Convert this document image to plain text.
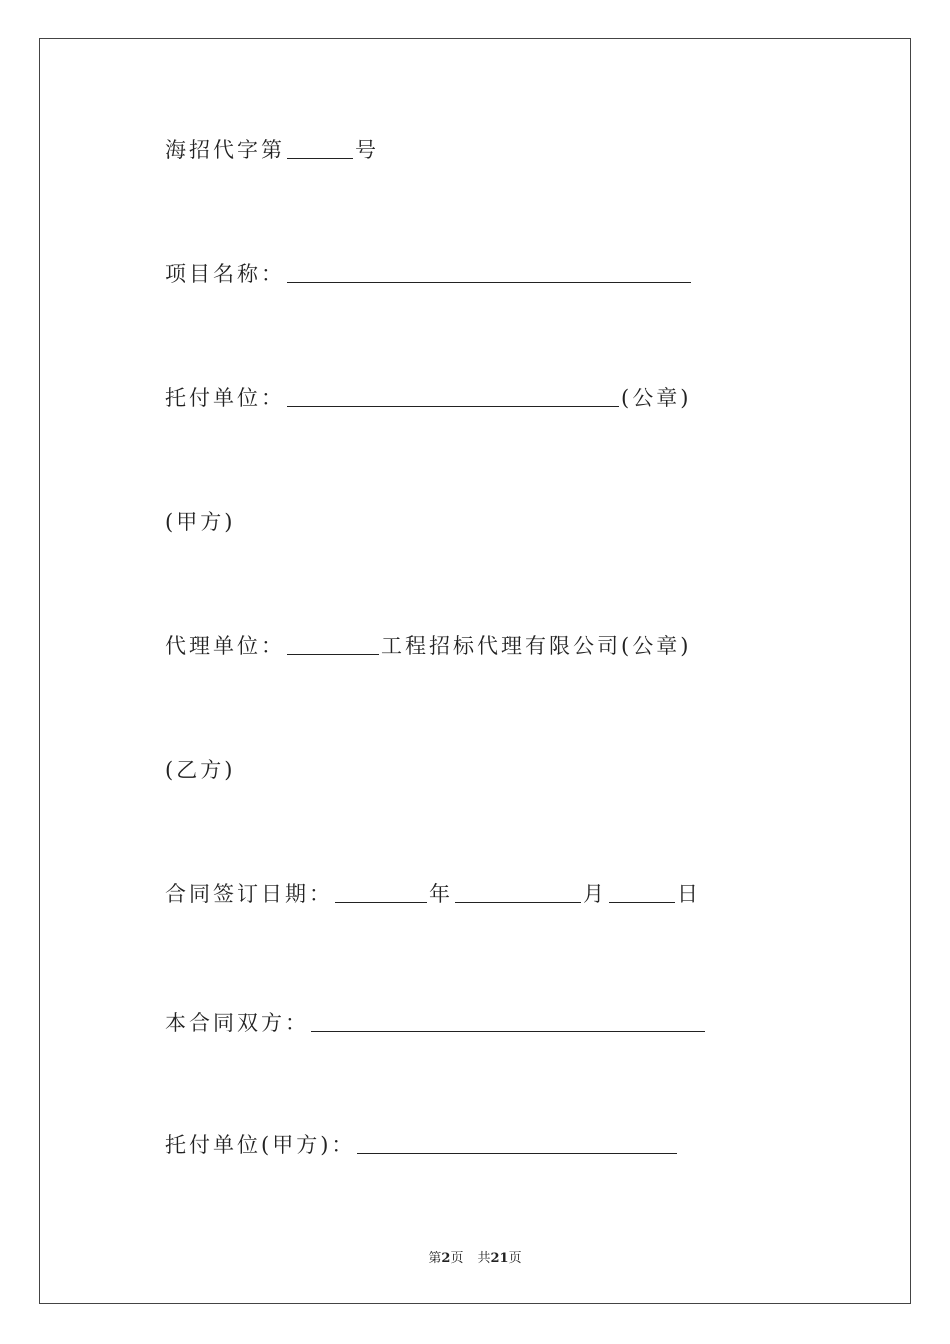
海招代字第	号
项目名称：
托付单位：	(公章)
(甲方)
代理单位：	工程招标代理有限公司(公章)
(乙方)
合同签订日期：	年	月	日
本合同双方：
托付单位(甲方)：
第2页 共21页
